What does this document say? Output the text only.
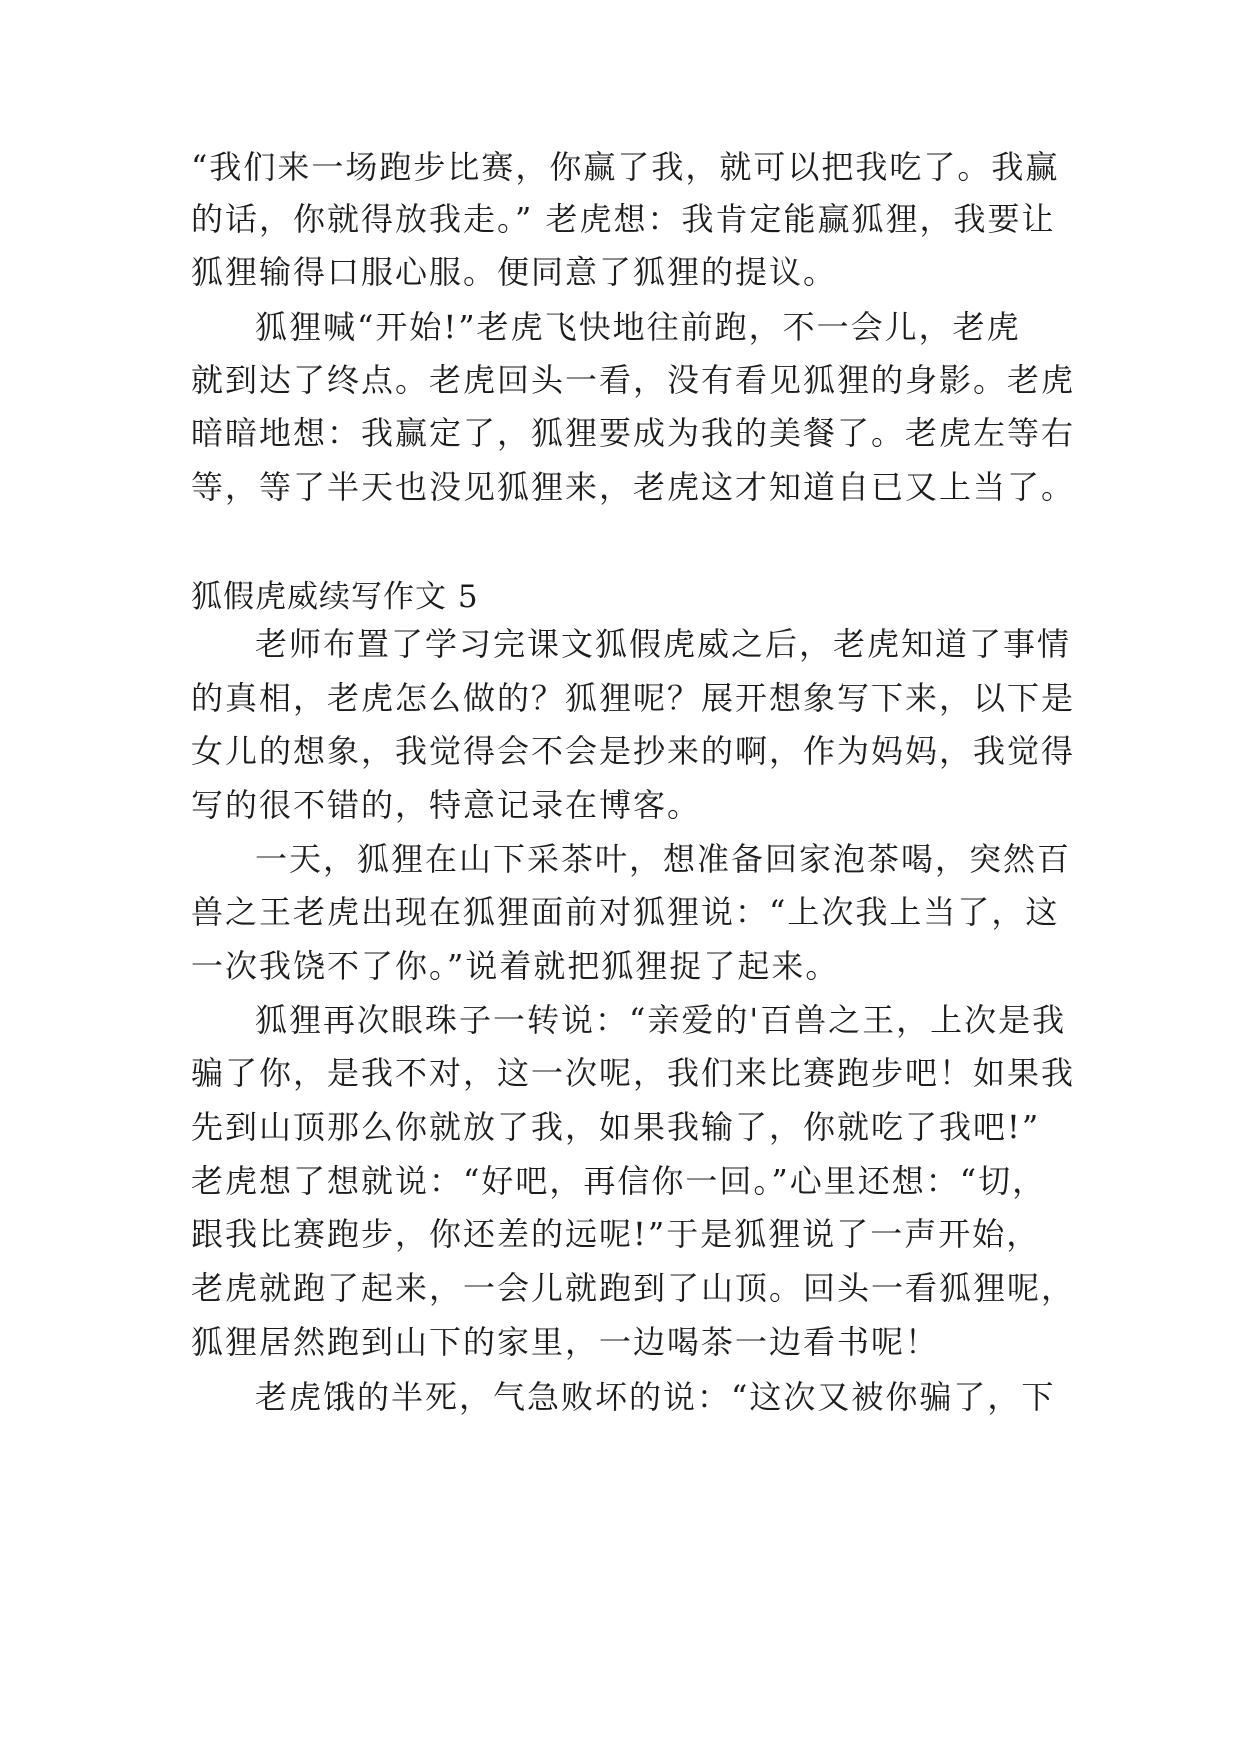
“我们来一场跑步比赛，你赢了我，就可以把我吃了。我赢
的话，你就得放我走。” 老虎想：我肯定能赢狐狸，我要让
狐狸输得口服心服。便同意了狐狸的提议。
狐狸喊“开始!”老虎飞快地往前跑，不一会儿，老虎
就到达了终点。老虎回头一看，没有看见狐狸的身影。老虎
暗暗地想：我赢定了，狐狸要成为我的美餐了。老虎左等右
等，等了半天也没见狐狸来，老虎这才知道自已又上当了。
狐假虎威续写作文 5
老师布置了学习完课文狐假虎威之后，老虎知道了事情
的真相，老虎怎么做的？狐狸呢？展开想象写下来，以下是
女儿的想象，我觉得会不会是抄来的啊，作为妈妈，我觉得
写的很不错的，特意记录在博客。
一天，狐狸在山下采茶叶，想准备回家泡茶喝，突然百
兽之王老虎出现在狐狸面前对狐狸说：“上次我上当了，这
一次我饶不了你。”说着就把狐狸捉了起来。
狐狸再次眼珠子一转说：“亲爱的'百兽之王，上次是我
骗了你，是我不对，这一次呢，我们来比赛跑步吧！如果我
先到山顶那么你就放了我，如果我输了，你就吃了我吧!”
老虎想了想就说：“好吧，再信你一回。”心里还想：“切，
跟我比赛跑步，你还差的远呢!”于是狐狸说了一声开始，
老虎就跑了起来，一会儿就跑到了山顶。回头一看狐狸呢，
狐狸居然跑到山下的家里，一边喝茶一边看书呢！
老虎饿的半死，气急败坏的说：“这次又被你骗了，下
